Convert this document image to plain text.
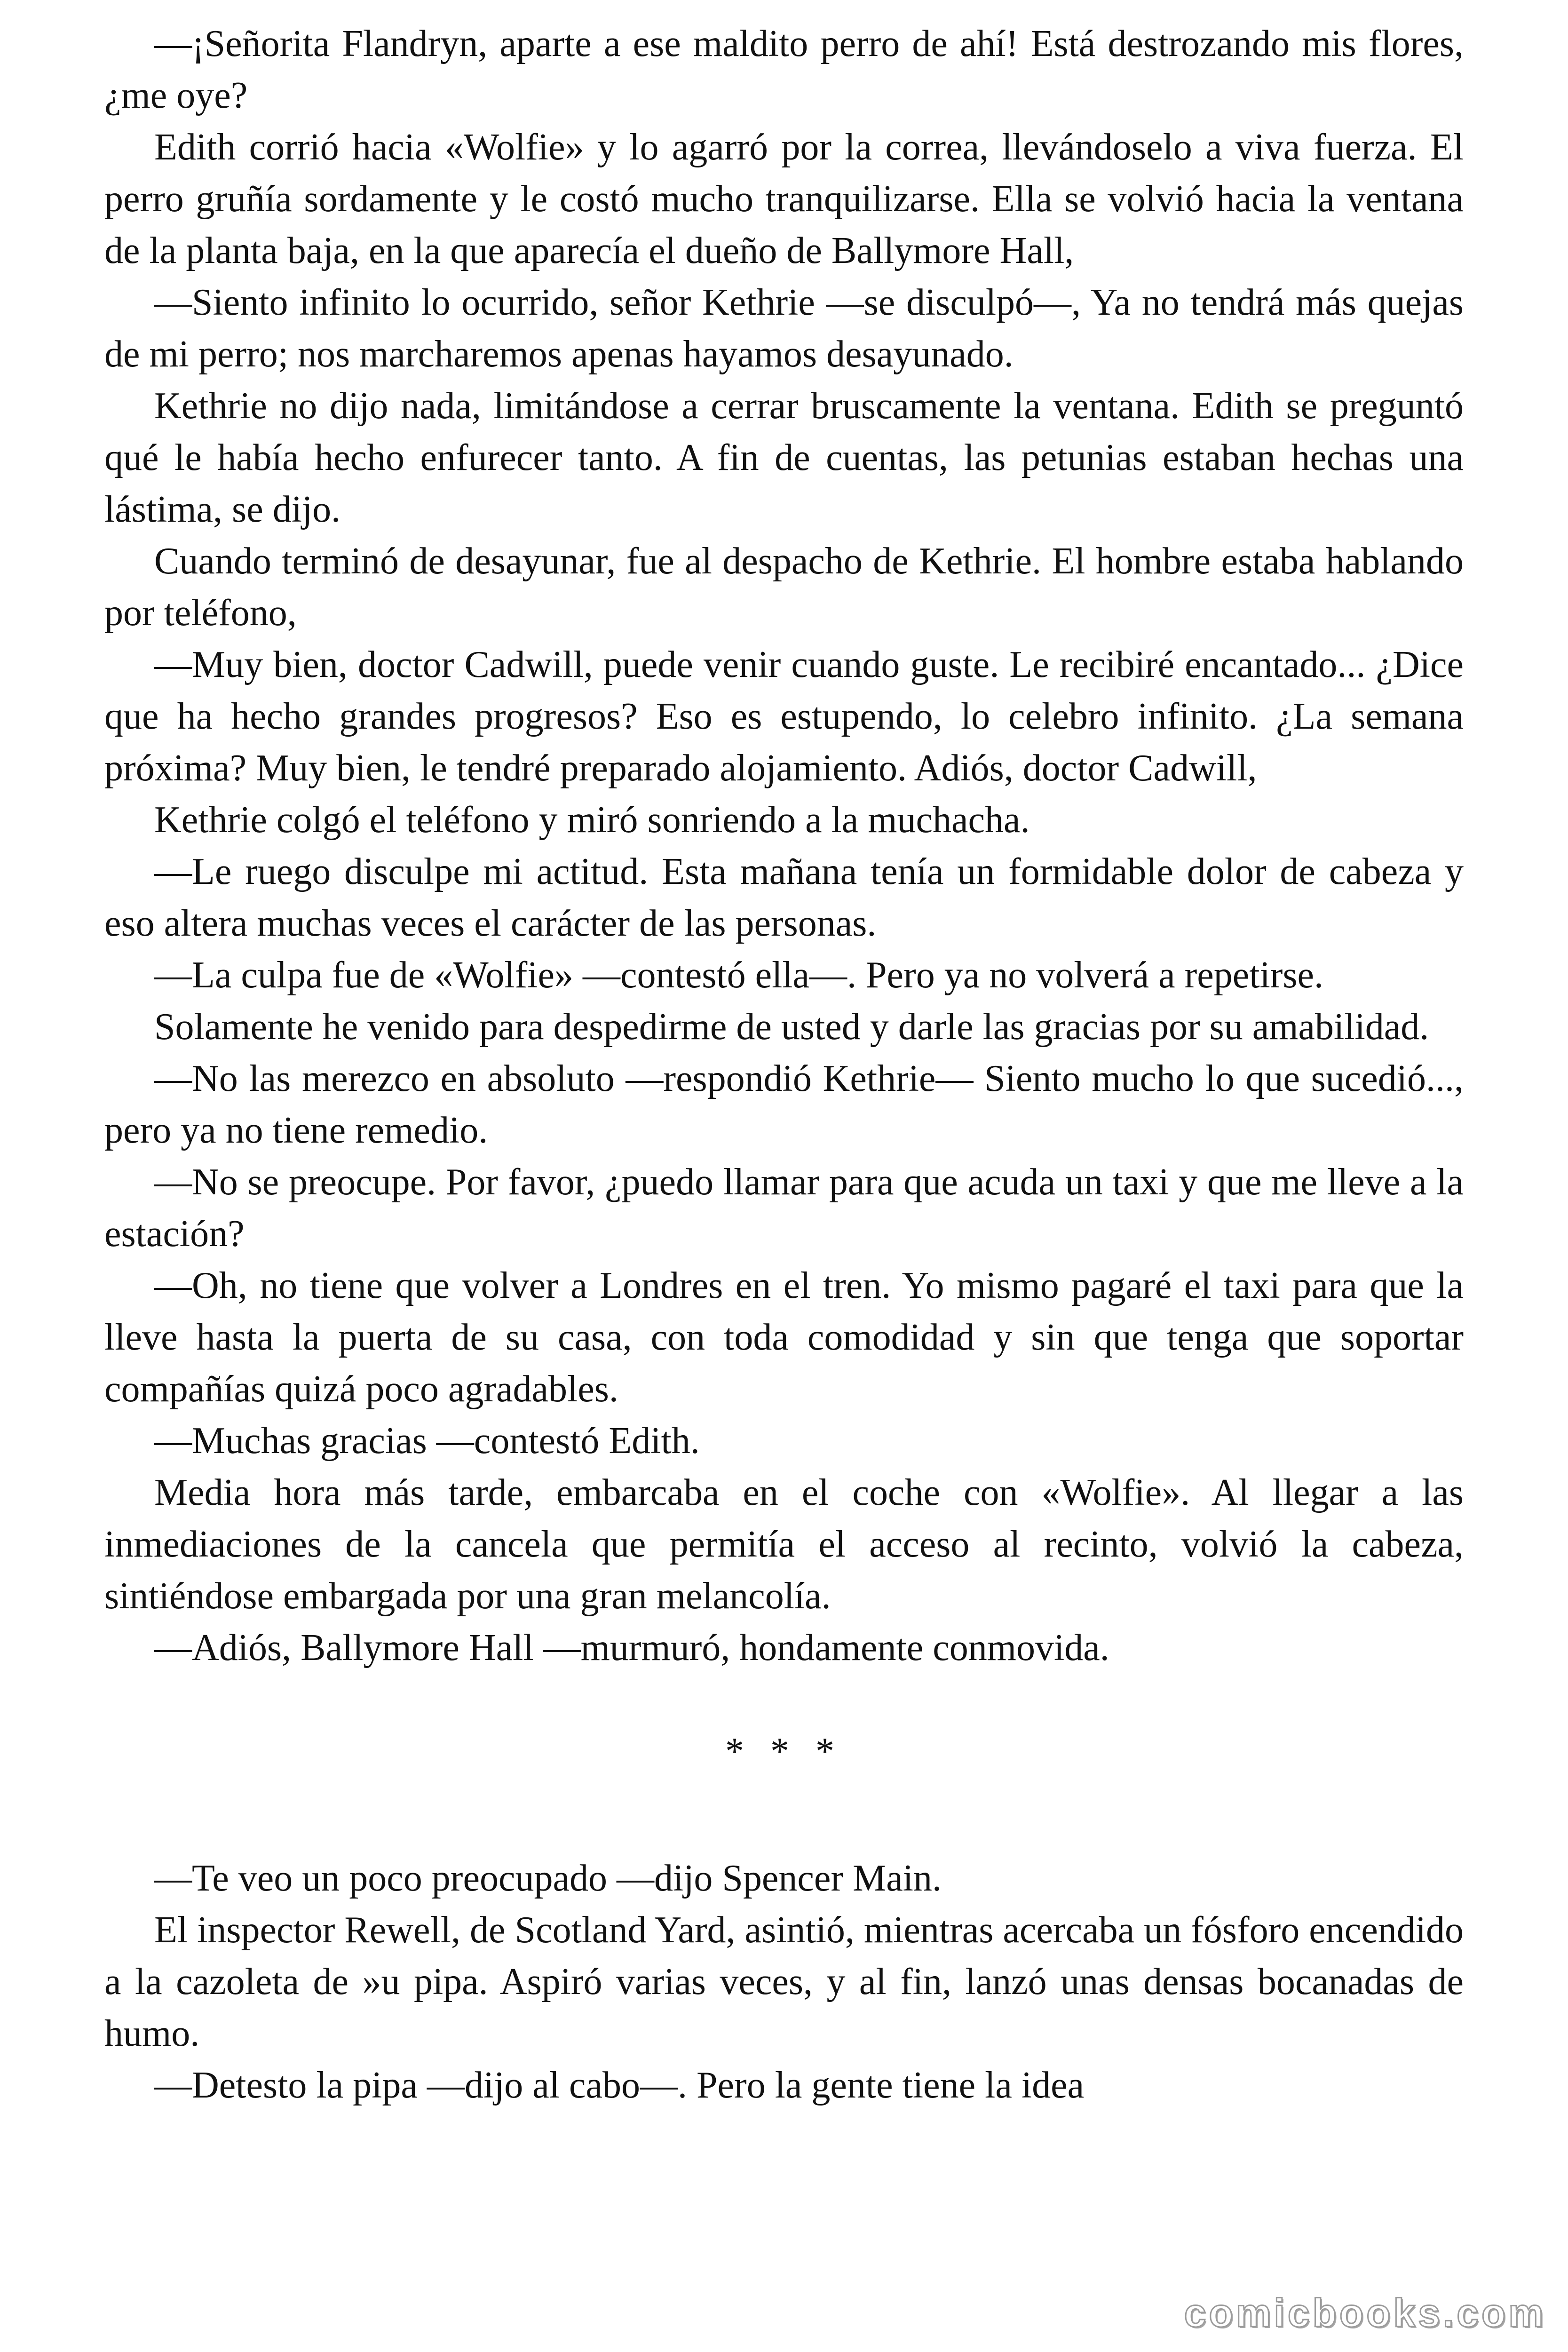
—¡Señorita Flandryn, aparte a ese maldito perro de ahí! Está destrozando mis flores, ¿me oye?

Edith corrió hacia «Wolfie» y lo agarró por la correa, llevándoselo a viva fuerza. El perro gruñía sordamente y le costó mucho tranquilizarse. Ella se volvió hacia la ventana de la planta baja, en la que aparecía el dueño de Ballymore Hall,

—Siento infinito lo ocurrido, señor Kethrie —se disculpó—, Ya no tendrá más quejas de mi perro; nos marcharemos apenas hayamos desayunado.

Kethrie no dijo nada, limitándose a cerrar bruscamente la ventana. Edith se preguntó qué le había hecho enfurecer tanto. A fin de cuentas, las petunias estaban hechas una lástima, se dijo.

Cuando terminó de desayunar, fue al despacho de Kethrie. El hombre estaba hablando por teléfono,

—Muy bien, doctor Cadwill, puede venir cuando guste. Le recibiré encantado... ¿Dice que ha hecho grandes progresos? Eso es estupendo, lo celebro infinito. ¿La semana próxima? Muy bien, le tendré preparado alojamiento. Adiós, doctor Cadwill,

Kethrie colgó el teléfono y miró sonriendo a la muchacha.

—Le ruego disculpe mi actitud. Esta mañana tenía un formidable dolor de cabeza y eso altera muchas veces el carácter de las personas.

—La culpa fue de «Wolfie» —contestó ella—. Pero ya no volverá a repetirse.

Solamente he venido para despedirme de usted y darle las gracias por su amabilidad.

—No las merezco en absoluto —respondió Kethrie— Siento mucho lo que sucedió..., pero ya no tiene remedio.

—No se preocupe. Por favor, ¿puedo llamar para que acuda un taxi y que me lleve a la estación?

—Oh, no tiene que volver a Londres en el tren. Yo mismo pagaré el taxi para que la lleve hasta la puerta de su casa, con toda comodidad y sin que tenga que soportar compañías quizá poco agradables.

—Muchas gracias —contestó Edith.

Media hora más tarde, embarcaba en el coche con «Wolfie». Al llegar a las inmediaciones de la cancela que permitía el acceso al recinto, volvió la cabeza, sintiéndose embargada por una gran melancolía.

—Adiós, Ballymore Hall —murmuró, hondamente conmovida.

* * *

—Te veo un poco preocupado —dijo Spencer Main.

El inspector Rewell, de Scotland Yard, asintió, mientras acercaba un fósforo encendido a la cazoleta de »u pipa. Aspiró varias veces, y al fin, lanzó unas densas bocanadas de humo.

—Detesto la pipa —dijo al cabo—. Pero la gente tiene la idea

comicbooks.com
